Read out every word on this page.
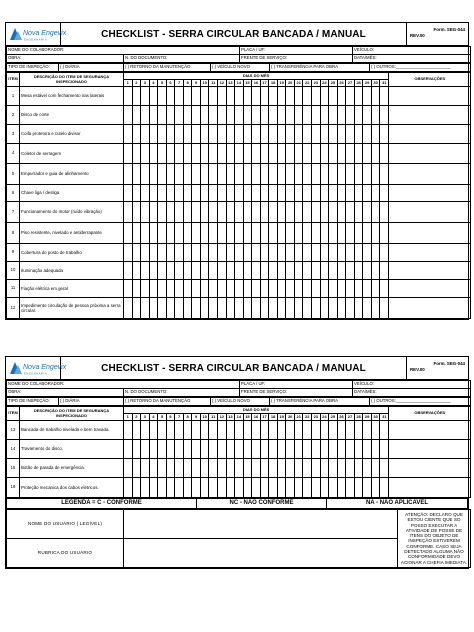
Nova Engevix
ENGENHARIA
CHECKLIST - SERRA CIRCULAR BANCADA / MANUAL	Form. SEG-044
REV.00
NOME DO COLABORADOR:		PLACA / UF:	VEÍCULO:
OBRA:	N. DO DOCUMENTO:	FRENTE DE SERVIÇO:	DATA/MÊS:
TIPO DE INSPEÇÃO:	( ) DIÁRIA	( ) RETORNO DA MANUTENÇÃO	( ) VEÍCULO NOVO	( ) TRANSFERÊNCIA PARA OBRA	( ) OUTROS:_______________________
ITEM	DESCRIÇÃO DO ITEM DE SEGURANÇA INSPECIONADO	DIAS DO MÊS																															OBSERVAÇÕES
		1	2	3	4	5	6	7	8	9	10	11	12	13	14	15	16	17	18	19	20	21	22	23	24	25	26	27	28	29	30	31	
1	Mesa estável com fechamento nas laterais																																
2	Disco de corte																																
3	Coifa protetora e cutelo divisor																																
4	Coletor de serragem																																
5	Empurrador e guia de alinhamento																																
6	Chave liga / desliga																																
7	Funcionamento do motor (ruído vibração)																																
8	Piso resistente, nivelado e antiderrapante																																
9	Cobertura do posto de trabalho																																
10	Iluminação adequada																																
11	Fiação elétrica em geral																																
12	Impedimento circulação de pessoa próxima a serra circular.																																
Nova Engevix
ENGENHARIA
CHECKLIST - SERRA CIRCULAR BANCADA / MANUAL	Form. SEG-044
REV.00
NOME DO COLABORADOR:		PLACA / UF:	VEÍCULO:
OBRA:	N. DO DOCUMENTO:	FRENTE DE SERVIÇO:	DATA/MÊS:
TIPO DE INSPEÇÃO:	( ) DIÁRIA	( ) RETORNO DA MANUTENÇÃO	( ) VEÍCULO NOVO	( ) TRANSFERÊNCIA PARA OBRA	( ) OUTROS:_______________________
ITEM	DESCRIÇÃO DO ITEM DE SEGURANÇA INSPECIONADO	DIAS DO MÊS																															OBSERVAÇÕES
		1	2	3	4	5	6	7	8	9	10	11	12	13	14	15	16	17	18	19	20	21	22	23	24	25	26	27	28	29	30	31	
13	Bancada de trabalho nivelada e bem travada.																																
14	Travamento do disco.																																
15	Botão de parada de emergência.																																
16	Proteção mecanica dos cabos elétricos.																																
LEGENDA = C - CONFORME	NC - NÃO CONFORME	NA - NÃO APLICAVEL
NOME DO USUÁRIO ( LEGÍVEL)		ATENÇÃO: DECLARO QUE ESTOU CIENTE QUE SO POSSO EXECUTAR A ATIVIDADE DE POSSE DE ITENS DO OBJETO DE INSPEÇÃO ESTIVEREM CONFORME. CASO SEJA DETECTADO ALGUMA NÃO CONFORMIDADE DEVO ACIONAR A CHEFIA IMEDIATA.
RUBRICA DO USUÁRIO		
